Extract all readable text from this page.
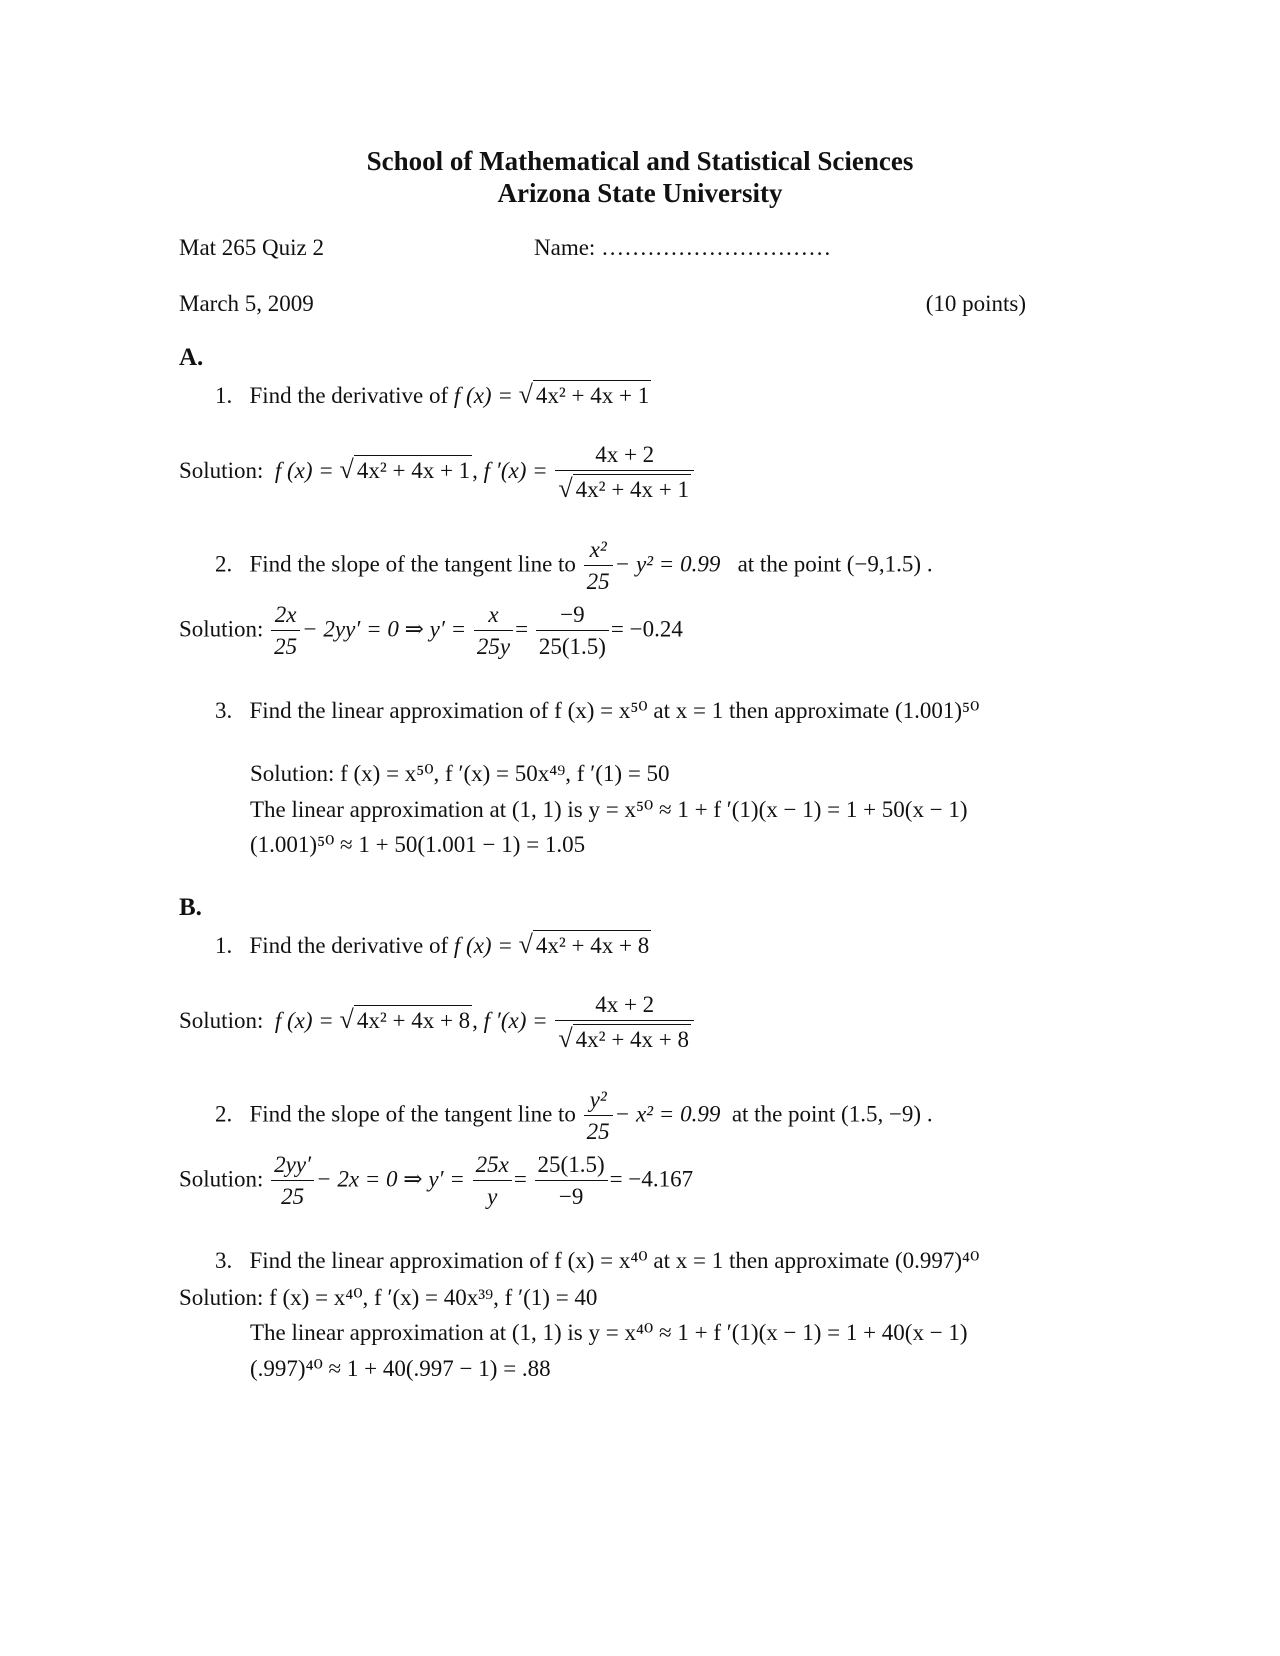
School of Mathematical and Statistical Sciences
Arizona State University
Mat 265 Quiz 2	Name: …………………………
March 5, 2009	(10 points)
A.
1. Find the derivative of f (x) = √ 4x² + 4x + 1
Solution: f (x) = √ 4x² + 4x + 1, f $'(x) = \frac{4x + 2}{\text{√ 4x² + 4x + 1}}$
2. Find the slope of the tangent line to $\frac{\text{x²}}{25} - y^2 = 0.99$ at the point (−9,1.5) .
Solution: $\frac{2x}{25} - 2yy' = 0$ ⇒ $y' = \frac{x}{25y} = \frac{-9}{25(1.5)} = -0.24$
3. Find the linear approximation of f (x) = x⁵⁰ at x = 1 then approximate (1.001)⁵⁰
Solution: f (x) = x⁵⁰, f ′(x) = 50x⁴⁹, f ′(1) = 50
The linear approximation at (1, 1) is y = x⁵⁰ ≈ 1 + f ′(1)(x − 1) = 1 + 50(x − 1)
(1.001)⁵⁰ ≈ 1 + 50(1.001 − 1) = 1.05
B.
1. Find the derivative of f (x) = √ 4x² + 4x + 8
Solution: f (x) = √ 4x² + 4x + 8, f $'(x) = \frac{4x + 2}{\text{√ 4x² + 4x + 8}}$
2. Find the slope of the tangent line to $\frac{\text{y²}}{25} - x^2 = 0.99$ at the point (1.5, −9) .
Solution: $\frac{2yy'}{25} - 2x = 0$ ⇒ $y' = \frac{25x}{y} = \frac{25(1.5)}{-9} = -4.167$
3. Find the linear approximation of f (x) = x⁴⁰ at x = 1 then approximate (0.997)⁴⁰
Solution: f (x) = x⁴⁰, f ′(x) = 40x³⁹, f ′(1) = 40
The linear approximation at (1, 1) is y = x⁴⁰ ≈ 1 + f ′(1)(x − 1) = 1 + 40(x − 1)
(.997)⁴⁰ ≈ 1 + 40(.997 − 1) = .88
